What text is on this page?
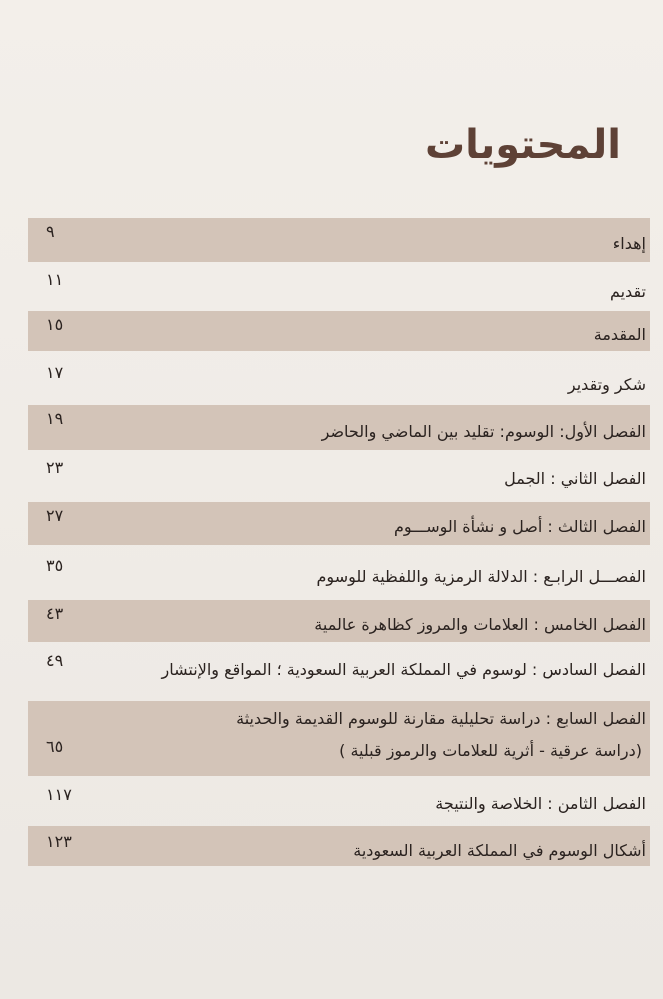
المحتويات
إهداء
٩
تقديم
١١
المقدمة
١٥
شكر وتقدير
١٧
الفصل الأول: الوسوم: تقليد بين الماضي والحاضر
١٩
الفصل الثاني : الجمل
٢٣
الفصل الثالث : أصل و نشأة الوســـوم
٢٧
الفصـــل الرابـع : الدلالة الرمزية واللفظية للوسوم
٣٥
الفصل الخامس : العلامات والمروز كظاهرة عالمية
٤٣
الفصل السادس : لوسوم في المملكة العربية السعودية ؛ المواقع والإنتشار
٤٩
الفصل السابع : دراسة تحليلية مقارنة للوسوم القديمة والحديثة
(دراسة عرقية - أثرية للعلامات والرموز قبلية )
٦٥
الفصل الثامن : الخلاصة والنتيجة
١١٧
أشكال الوسوم في المملكة العربية السعودية
١٢٣
